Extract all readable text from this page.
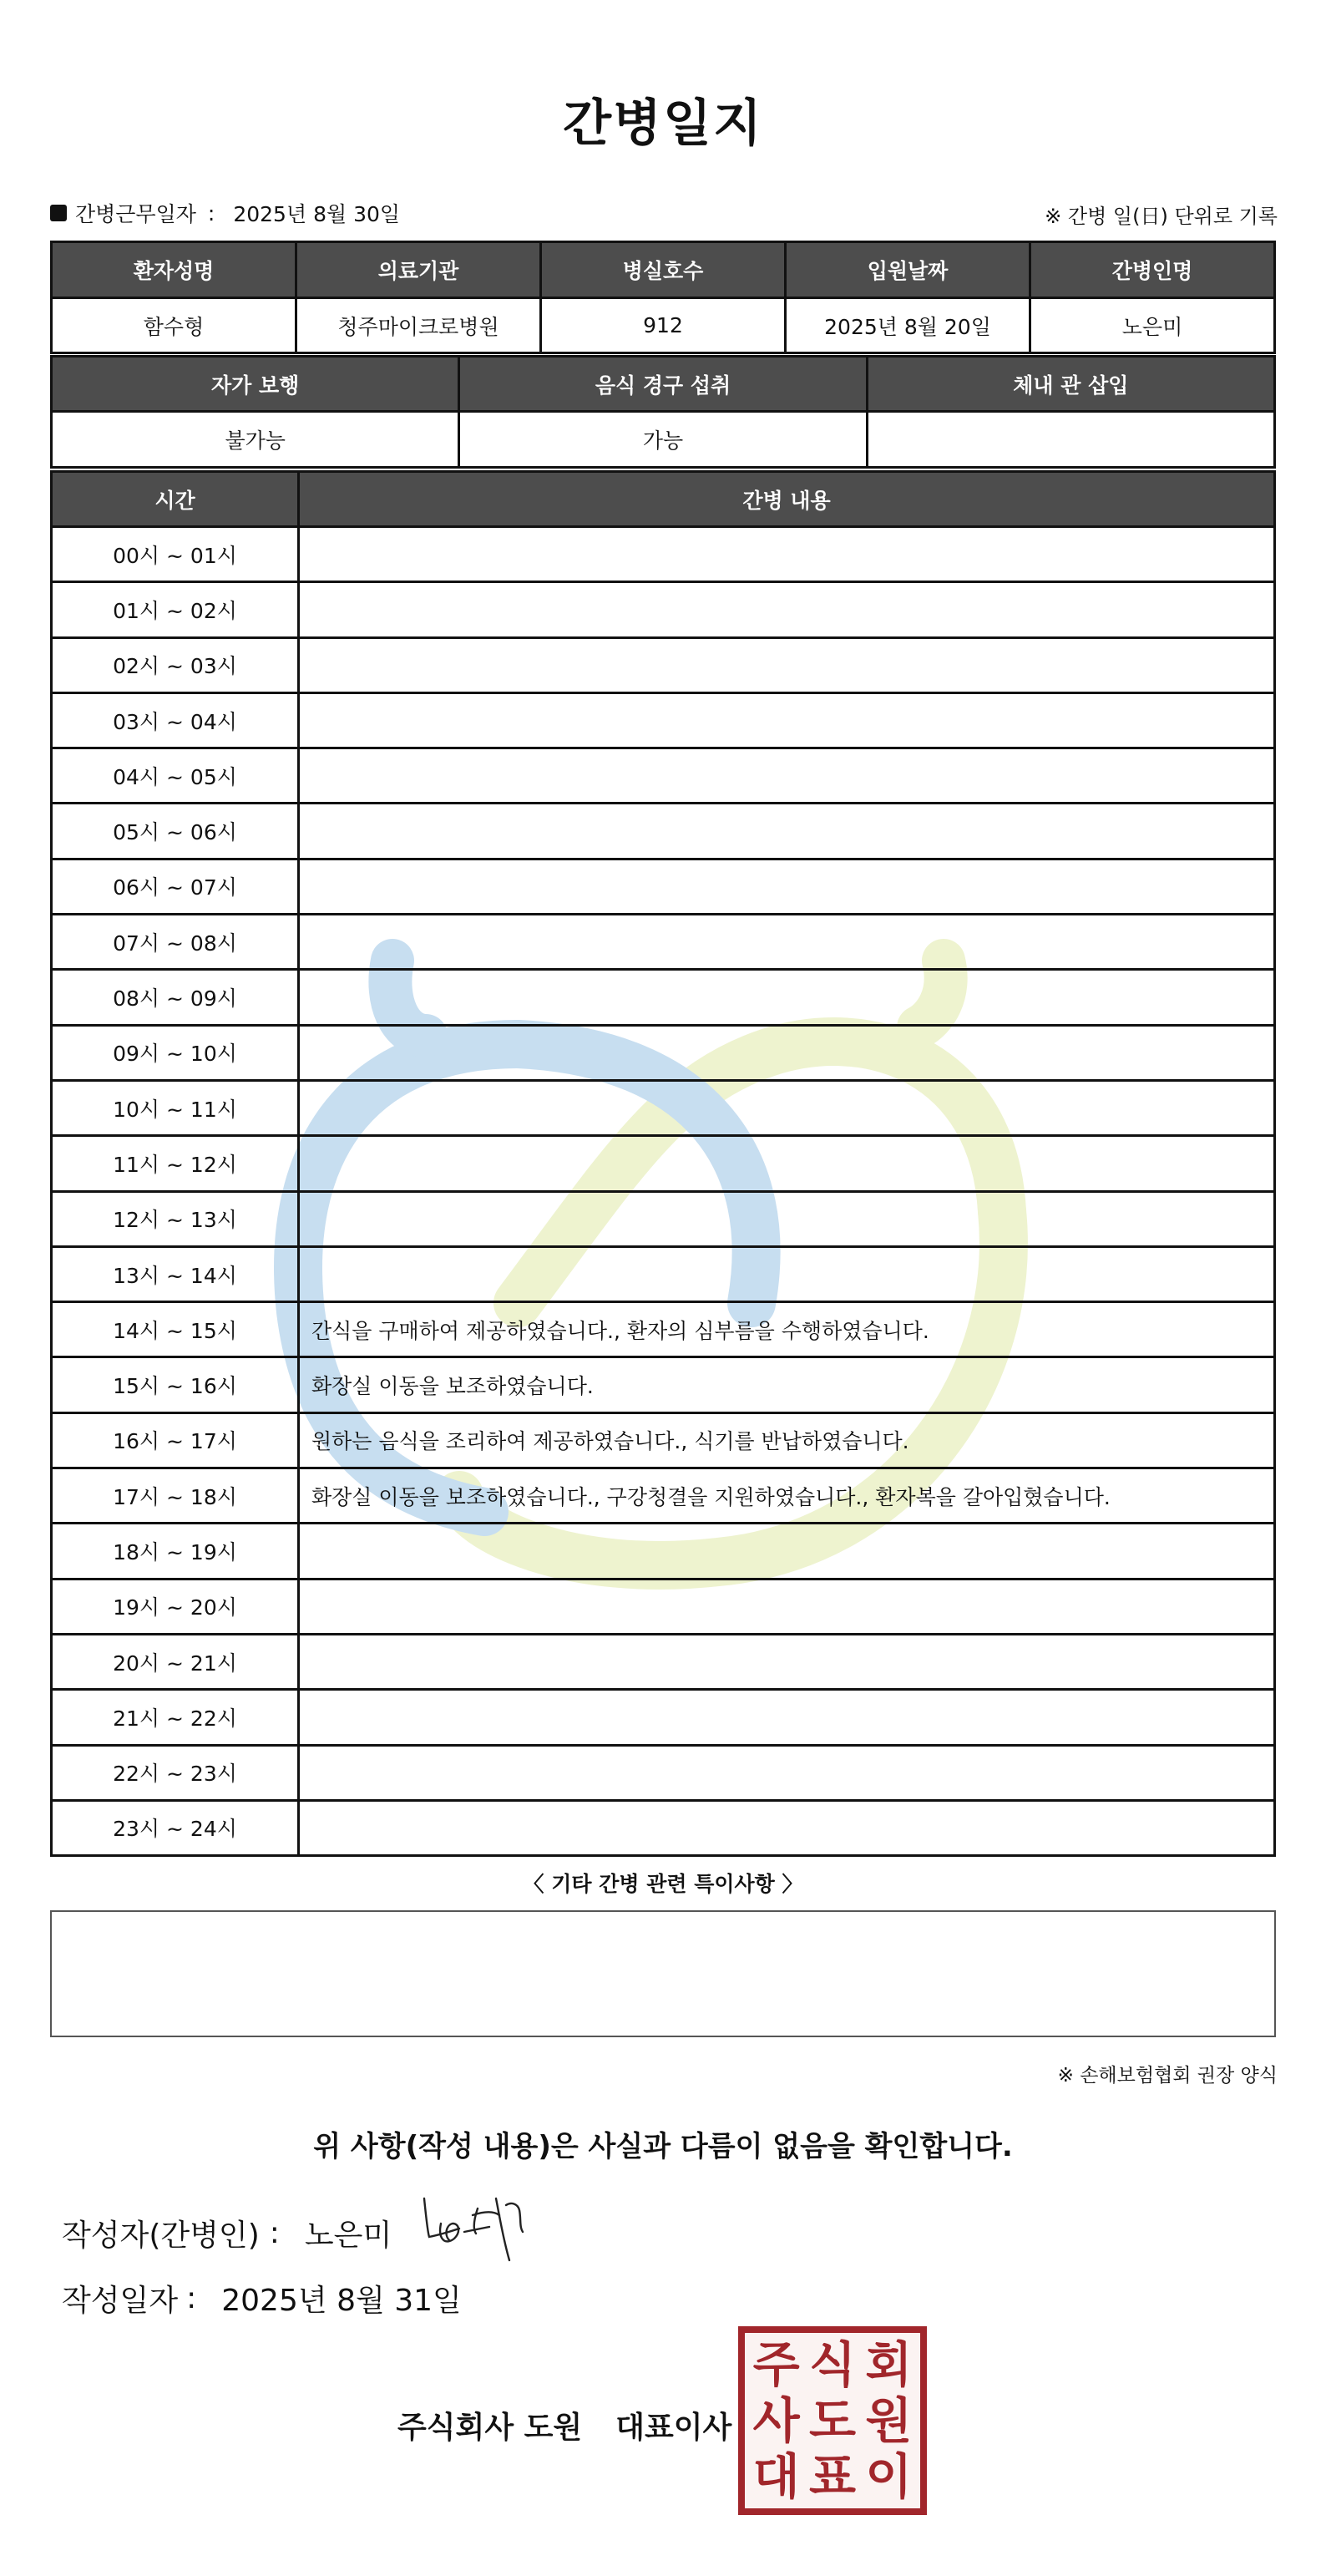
간병일지
간병근무일자 : 2025년 8월 30일	※ 간병 일(日) 단위로 기록
환자성명	의료기관	병실호수	입원날짜	간병인명
함수형	청주마이크로병원	912	2025년 8월 20일	노은미
자가 보행	음식 경구 섭취	체내 관 삽입
불가능	가능	
시간	간병 내용
00시 ~ 01시	
01시 ~ 02시	
02시 ~ 03시	
03시 ~ 04시	
04시 ~ 05시	
05시 ~ 06시	
06시 ~ 07시	
07시 ~ 08시	
08시 ~ 09시	
09시 ~ 10시	
10시 ~ 11시	
11시 ~ 12시	
12시 ~ 13시	
13시 ~ 14시	
14시 ~ 15시	간식을 구매하여 제공하였습니다., 환자의 심부름을 수행하였습니다.
15시 ~ 16시	화장실 이동을 보조하였습니다.
16시 ~ 17시	원하는 음식을 조리하여 제공하였습니다., 식기를 반납하였습니다.
17시 ~ 18시	화장실 이동을 보조하였습니다., 구강청결을 지원하였습니다., 환자복을 갈아입혔습니다.
18시 ~ 19시	
19시 ~ 20시	
20시 ~ 21시	
21시 ~ 22시	
22시 ~ 23시	
23시 ~ 24시	
〈 기타 간병 관련 특이사항 〉
※ 손해보험협회 권장 양식
위 사항(작성 내용)은 사실과 다름이 없음을 확인합니다.
작성자(간병인) : 노은미
작성일자 : 2025년 8월 31일
주식회사 도원 대표이사
주 식 회
사 도 원
대 표 이
